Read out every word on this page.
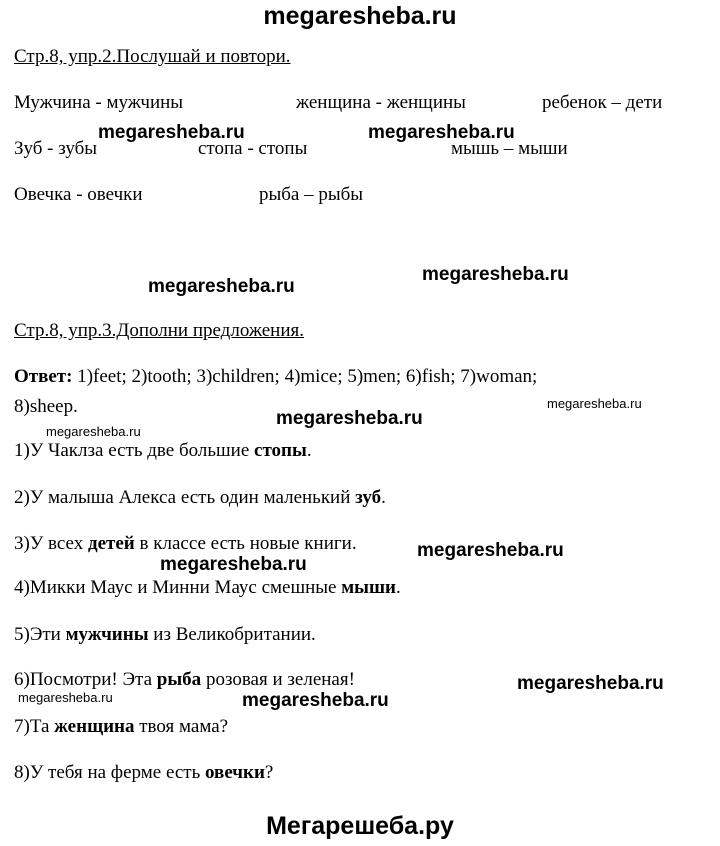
megaresheba.ru
Стр.8, упр.2.Послушай и повтори.
Мужчина - мужчины	женщина - женщины	ребенок – дети
megaresheba.ru	megaresheba.ru
Зуб - зубы	стопа - стопы	мышь – мыши
Овечка - овечки	рыба – рыбы
megaresheba.ru
megaresheba.ru
Стр.8, упр.3.Дополни предложения.
Ответ: 1)feet; 2)tooth; 3)children; 4)mice; 5)men; 6)fish; 7)woman;
8)sheep.	megaresheba.ru
megaresheba.ru
megaresheba.ru
1)У Чаклза есть две большие стопы.
2)У малыша Алекса есть один маленький зуб.
3)У всех детей в классе есть новые книги.	megaresheba.ru
megaresheba.ru
4)Микки Маус и Минни Маус смешные мыши.
5)Эти мужчины из Великобритании.
6)Посмотри! Эта рыба розовая и зеленая!	megaresheba.ru
megaresheba.ru	megaresheba.ru
7)Та женщина твоя мама?
8)У тебя на ферме есть овечки?
Мегарешеба.ру
